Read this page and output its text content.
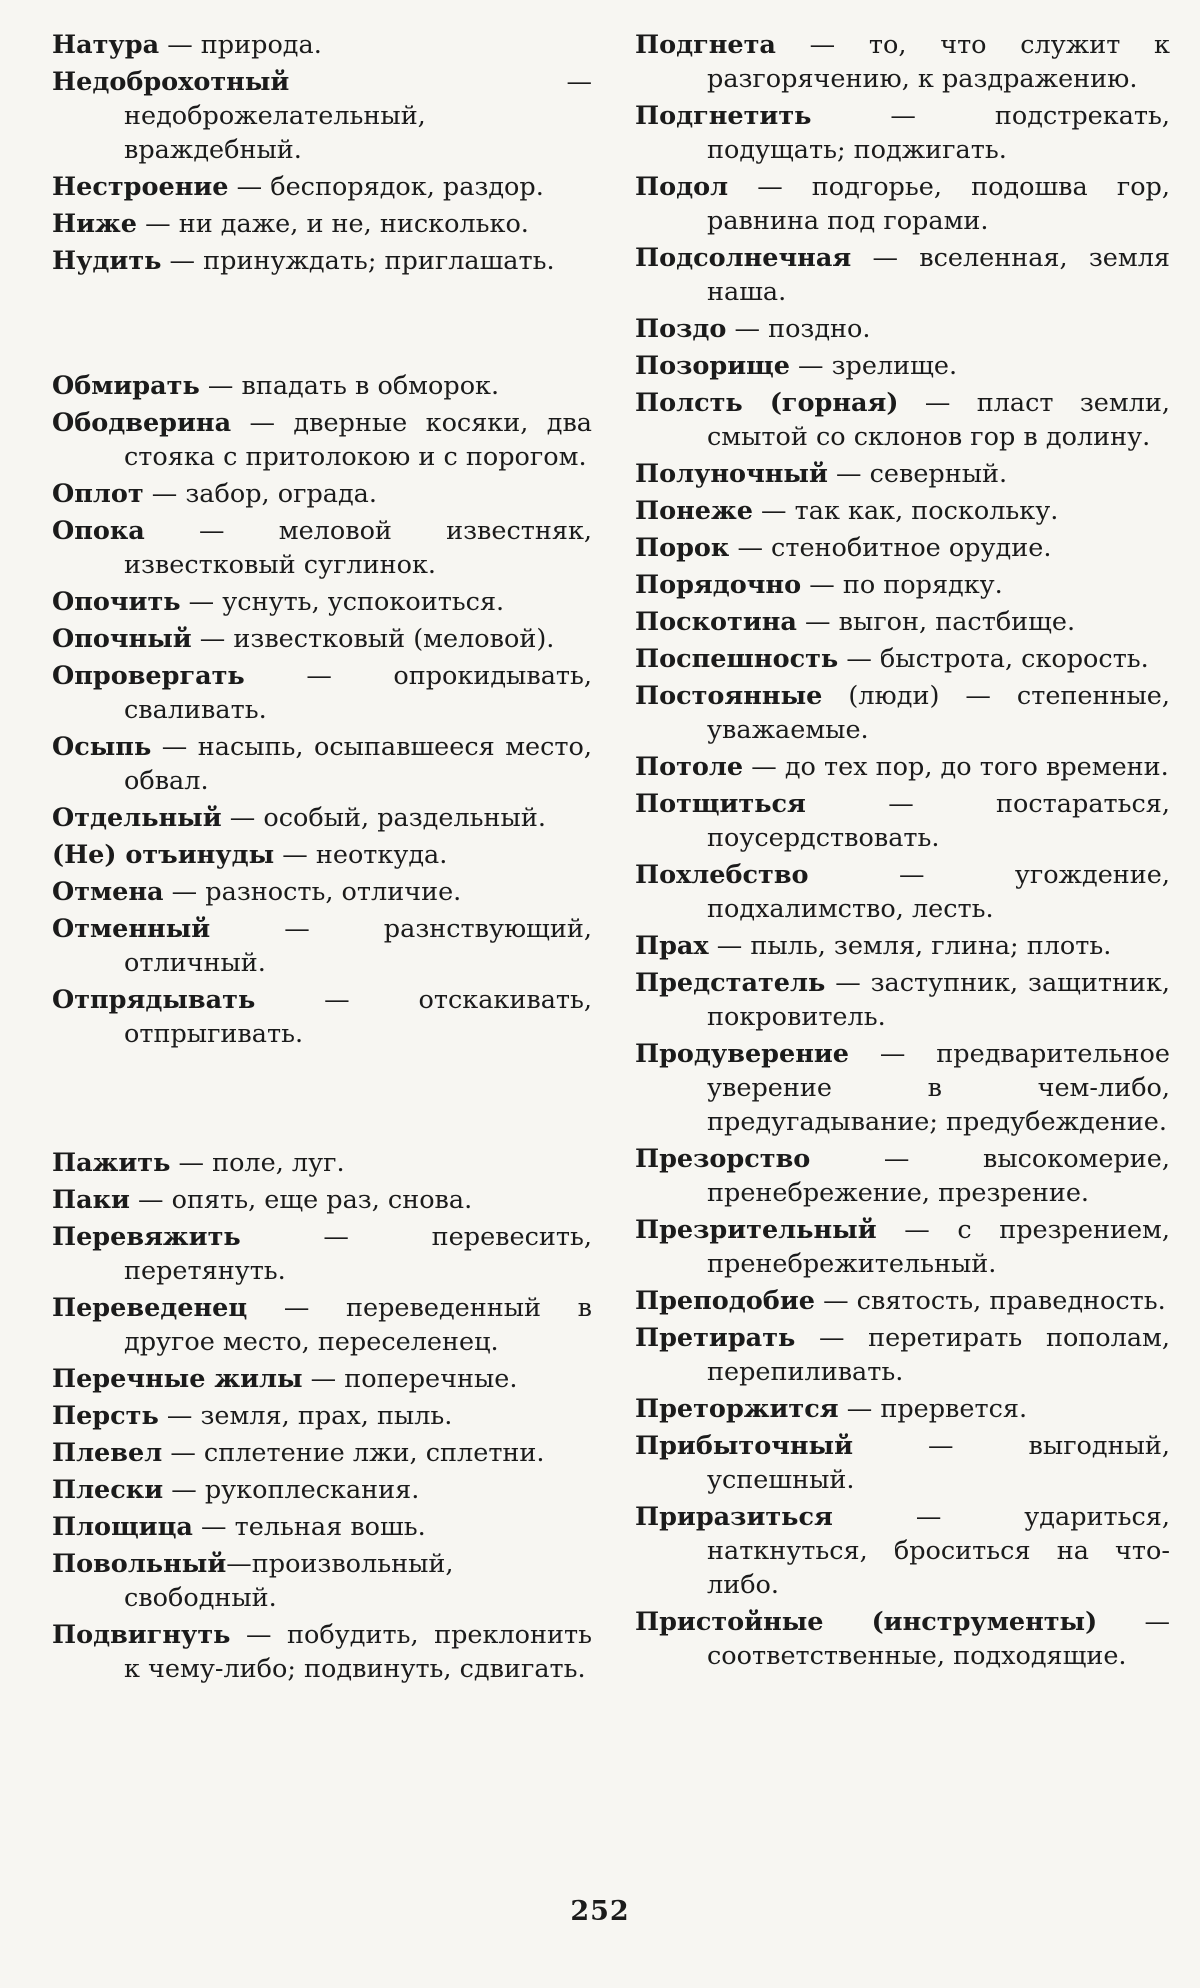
Натура — природа.

Недоброхотный — недоброжелательный, враждебный.

Нестроение — беспорядок, раздор.

Ниже — ни даже, и не, нисколько.

Нудить — принуждать; приглашать.

Обмирать — впадать в обморок.

Ободверина — дверные косяки, два стояка с притолокою и с порогом.

Оплот — забор, ограда.

Опока — меловой известняк, известковый суглинок.

Опочить — уснуть, успокоиться.

Опочный — известковый (меловой).

Опровергать — опрокидывать, сваливать.

Осыпь — насыпь, осыпавшееся место, обвал.

Отдельный — особый, раздельный.

(Не) отъинуды — неоткуда.

Отмена — разность, отличие.

Отменный — разнствующий, отличный.

Отпрядывать — отскакивать, отпрыгивать.

Пажить — поле, луг.

Паки — опять, еще раз, снова.

Перевяжить — перевесить, перетянуть.

Переведенец — переведенный в другое место, переселенец.

Перечные жилы — поперечные.

Персть — земля, прах, пыль.

Плевел — сплетение лжи, сплетни.

Плески — рукоплескания.

Площица — тельная вошь.

Повольный—произвольный, свободный.

Подвигнуть — побудить, преклонить к чему-либо; подвинуть, сдвигать.

Подгнета — то, что служит к разгорячению, к раздражению.

Подгнетить — подстрекать, подущать; поджигать.

Подол — подгорье, подошва гор, равнина под горами.

Подсолнечная — вселенная, земля наша.

Поздо — поздно.

Позорище — зрелище.

Полсть (горная) — пласт земли, смытой со склонов гор в долину.

Полуночный — северный.

Понеже — так как, поскольку.

Порок — стенобитное орудие.

Порядочно — по порядку.

Поскотина — выгон, пастбище.

Поспешность — быстрота, скорость.

Постоянные (люди) — степенные, уважаемые.

Потоле — до тех пор, до того времени.

Потщиться — постараться, поусердствовать.

Похлебство — угождение, подхалимство, лесть.

Прах — пыль, земля, глина; плоть.

Предстатель — заступник, защитник, покровитель.

Продуверение — предварительное уверение в чем-либо, предугадывание; предубеждение.

Презорство — высокомерие, пренебрежение, презрение.

Презрительный — с презрением, пренебрежительный.

Преподобие — святость, праведность.

Претирать — перетирать пополам, перепиливать.

Преторжится — прервется.

Прибыточный — выгодный, успешный.

Приразиться — удариться, наткнуться, броситься на что-либо.

Пристойные (инструменты) — соответственные, подходящие.

252
